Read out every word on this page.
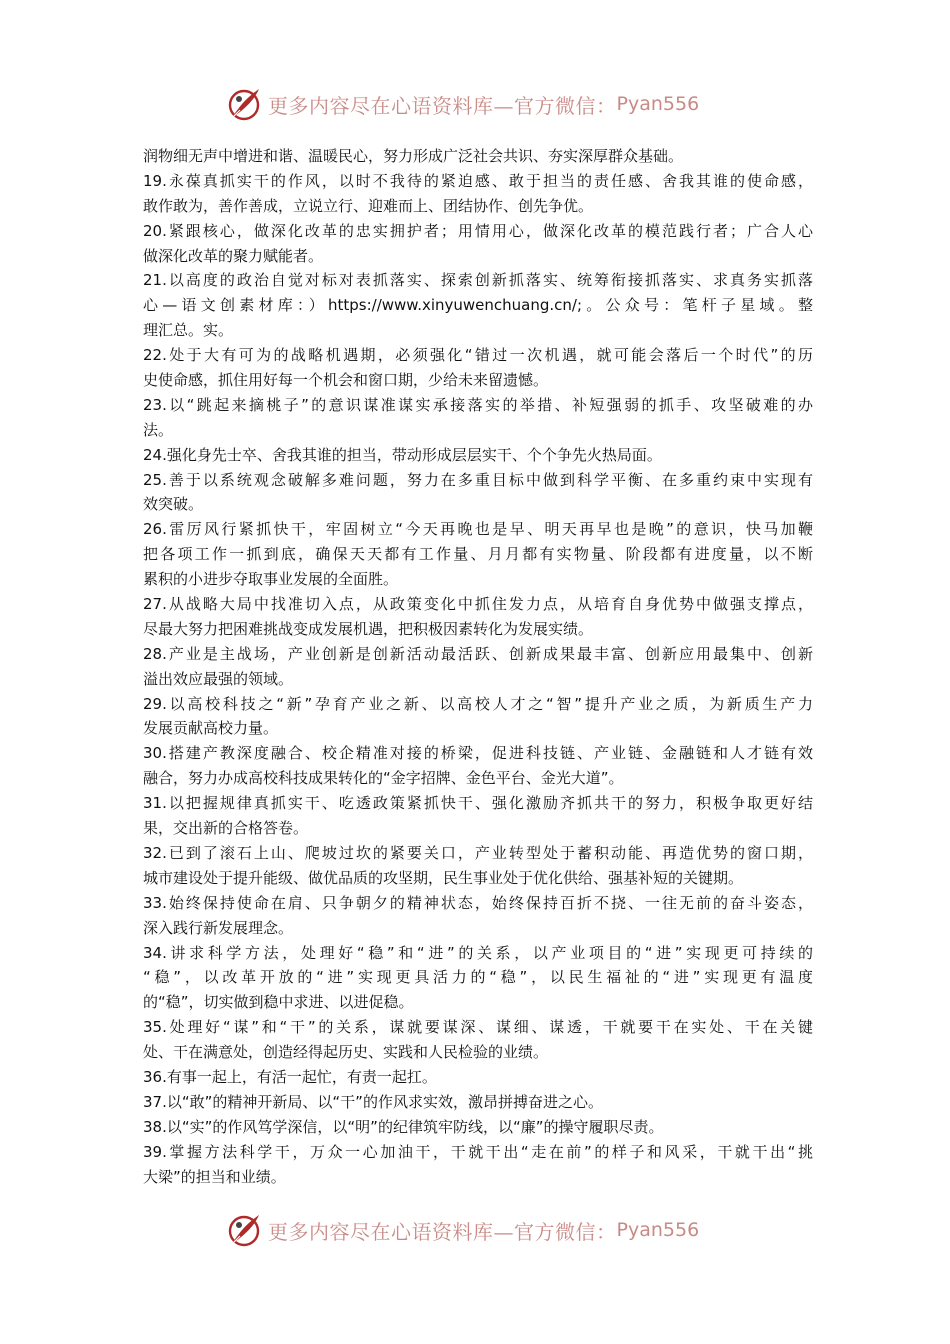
更多内容尽在心语资料库—官方微信： Pyan556
润物细无声中增进和谐、温暖民心，努力形成广泛社会共识、夯实深厚群众基础。
19.永葆真抓实干的作风，以时不我待的紧迫感、敢于担当的责任感、舍我其谁的使命感，
敢作敢为，善作善成，立说立行、迎难而上、团结协作、创先争优。
20.紧跟核心，做深化改革的忠实拥护者；用情用心，做深化改革的模范践行者；广合人心
做深化改革的聚力赋能者。
21.以高度的政治自觉对标对表抓落实、探索创新抓落实、统筹衔接抓落实、求真务实抓落
心—语文创素材库：）https://www.xinyuwenchuang.cn/;。公众号：笔杆子星域。整
理汇总。实。
22.处于大有可为的战略机遇期，必须强化“错过一次机遇，就可能会落后一个时代”的历
史使命感，抓住用好每一个机会和窗口期，少给未来留遗憾。
23.以“跳起来摘桃子”的意识谋准谋实承接落实的举措、补短强弱的抓手、攻坚破难的办
法。
24.强化身先士卒、舍我其谁的担当，带动形成层层实干、个个争先火热局面。
25.善于以系统观念破解多难问题，努力在多重目标中做到科学平衡、在多重约束中实现有
效突破。
26.雷厉风行紧抓快干，牢固树立“今天再晚也是早、明天再早也是晚”的意识，快马加鞭
把各项工作一抓到底，确保天天都有工作量、月月都有实物量、阶段都有进度量，以不断
累积的小进步夺取事业发展的全面胜。
27.从战略大局中找准切入点，从政策变化中抓住发力点，从培育自身优势中做强支撑点，
尽最大努力把困难挑战变成发展机遇，把积极因素转化为发展实绩。
28.产业是主战场，产业创新是创新活动最活跃、创新成果最丰富、创新应用最集中、创新
溢出效应最强的领域。
29.以高校科技之“新”孕育产业之新、以高校人才之“智”提升产业之质，为新质生产力
发展贡献高校力量。
30.搭建产教深度融合、校企精准对接的桥梁，促进科技链、产业链、金融链和人才链有效
融合，努力办成高校科技成果转化的“金字招牌、金色平台、金光大道”。
31.以把握规律真抓实干、吃透政策紧抓快干、强化激励齐抓共干的努力，积极争取更好结
果，交出新的合格答卷。
32.已到了滚石上山、爬坡过坎的紧要关口，产业转型处于蓄积动能、再造优势的窗口期，
城市建设处于提升能级、做优品质的攻坚期，民生事业处于优化供给、强基补短的关键期。
33.始终保持使命在肩、只争朝夕的精神状态，始终保持百折不挠、一往无前的奋斗姿态，
深入践行新发展理念。
34.讲求科学方法，处理好“稳”和“进”的关系，以产业项目的“进”实现更可持续的
“稳”，以改革开放的“进”实现更具活力的“稳”，以民生福祉的“进”实现更有温度
的“稳”，切实做到稳中求进、以进促稳。
35.处理好“谋”和“干”的关系，谋就要谋深、谋细、谋透，干就要干在实处、干在关键
处、干在满意处，创造经得起历史、实践和人民检验的业绩。
36.有事一起上，有活一起忙，有责一起扛。
37.以“敢”的精神开新局、以“干”的作风求实效，激昂拼搏奋进之心。
38.以“实”的作风笃学深信，以“明”的纪律筑牢防线，以“廉”的操守履职尽责。
39.掌握方法科学干，万众一心加油干，干就干出“走在前”的样子和风采，干就干出“挑
大梁”的担当和业绩。
更多内容尽在心语资料库—官方微信： Pyan556
